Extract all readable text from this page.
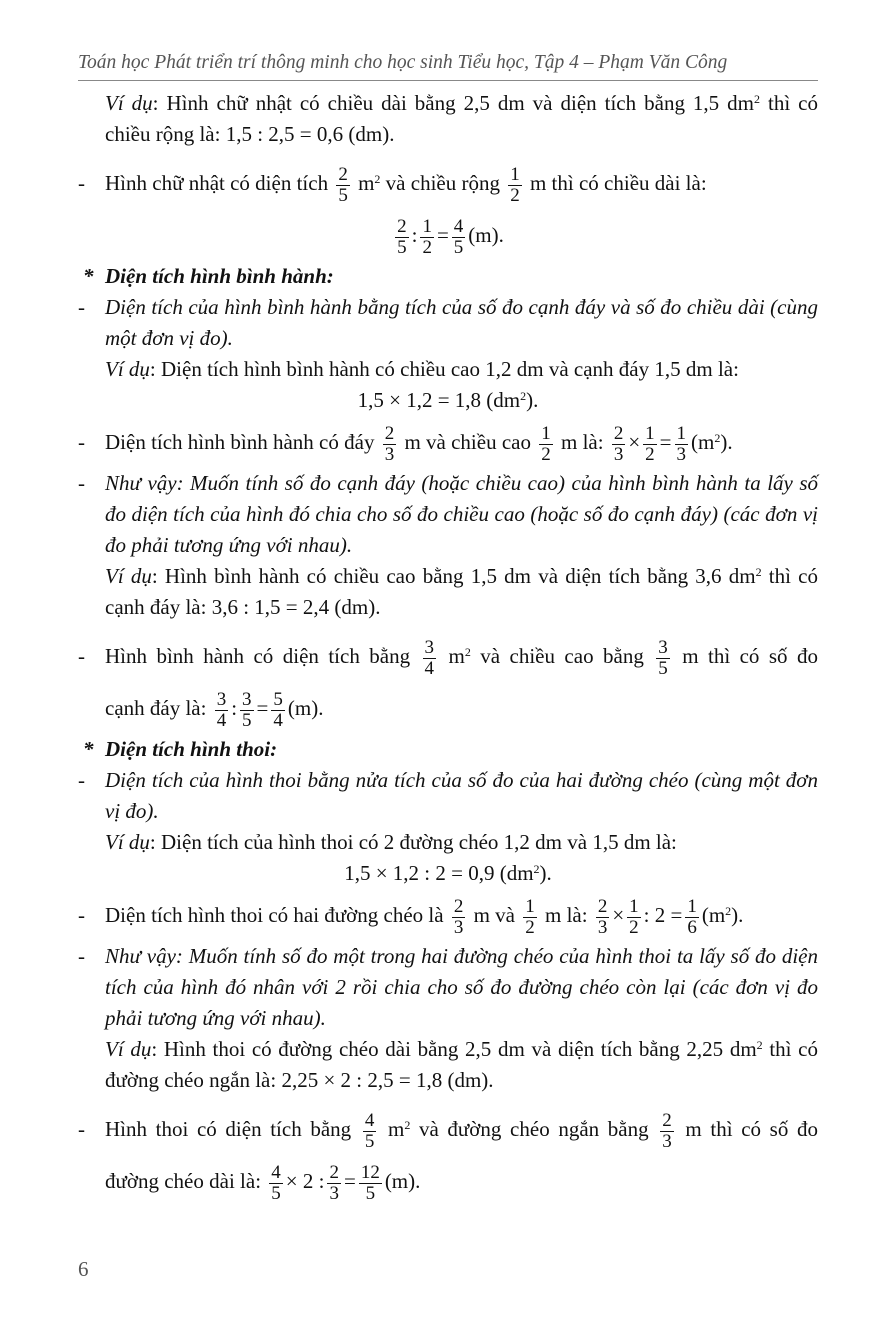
Toán học Phát triển trí thông minh cho học sinh Tiểu học, Tập 4 – Phạm Văn Công

Ví dụ: Hình chữ nhật có chiều dài bằng 2,5 dm và diện tích bằng 1,5 $dm^2$ thì có chiều rộng là: 1,5 : 2,5 = 0,6 (dm).

- Hình chữ nhật có diện tích $\frac{2}{5} m^2$ và chiều rộng $\frac{1}{2}$ m thì có chiều dài là:

$\frac{2}{5}$ : $\frac{1}{2} = \frac{4}{5} (m)$.

* Diện tích hình bình hành:

- Diện tích của hình bình hành bằng tích của số đo cạnh đáy và số đo chiều dài (cùng một đơn vị đo).

Ví dụ: Diện tích hình bình hành có chiều cao 1,2 dm và cạnh đáy 1,5 dm là:

1,5 × 1,2 = 1,8 $(dm^2)$.

- Diện tích hình bình hành có đáy $\frac{2}{3}$ m và chiều cao $\frac{1}{2}$ m là: $\frac{2}{3} \times \frac{1}{2} = \frac{1}{3} (m^2)$.

- Như vậy: Muốn tính số đo cạnh đáy (hoặc chiều cao) của hình bình hành ta lấy số đo diện tích của hình đó chia cho số đo chiều cao (hoặc số đo cạnh đáy) (các đơn vị đo phải tương ứng với nhau).

Ví dụ: Hình bình hành có chiều cao bằng 1,5 dm và diện tích bằng 3,6 $dm^2$ thì có cạnh đáy là: 3,6 : 1,5 = 2,4 (dm).

- Hình bình hành có diện tích bằng $\frac{3}{4} m^2$ và chiều cao bằng $\frac{3}{5}$ m thì có số đo

cạnh đáy là: $\frac{3}{4}$ : $\frac{3}{5} = \frac{5}{4} (m)$.

* Diện tích hình thoi:

- Diện tích của hình thoi bằng nửa tích của số đo của hai đường chéo (cùng một đơn vị đo).

Ví dụ: Diện tích của hình thoi có 2 đường chéo 1,2 dm và 1,5 dm là:

1,5 × 1,2 : 2 = 0,9 $(dm^2)$.

- Diện tích hình thoi có hai đường chéo là $\frac{2}{3}$ m và $\frac{1}{2}$ m là: $\frac{2}{3} \times \frac{1}{2}$ : $2 = \frac{1}{6} (m^2)$.

- Như vậy: Muốn tính số đo một trong hai đường chéo của hình thoi ta lấy số đo diện tích của hình đó nhân với 2 rồi chia cho số đo đường chéo còn lại (các đơn vị đo phải tương ứng với nhau).

Ví dụ: Hình thoi có đường chéo dài bằng 2,5 dm và diện tích bằng 2,25 $dm^2$ thì có đường chéo ngắn là: 2,25 × 2 : 2,5 = 1,8 (dm).

- Hình thoi có diện tích bằng $\frac{4}{5} m^2$ và đường chéo ngắn bằng $\frac{2}{3}$ m thì có số đo

đường chéo dài là: $\frac{4}{5} \times 2$ : $\frac{2}{3} = \frac{12}{5} (m)$.

6
